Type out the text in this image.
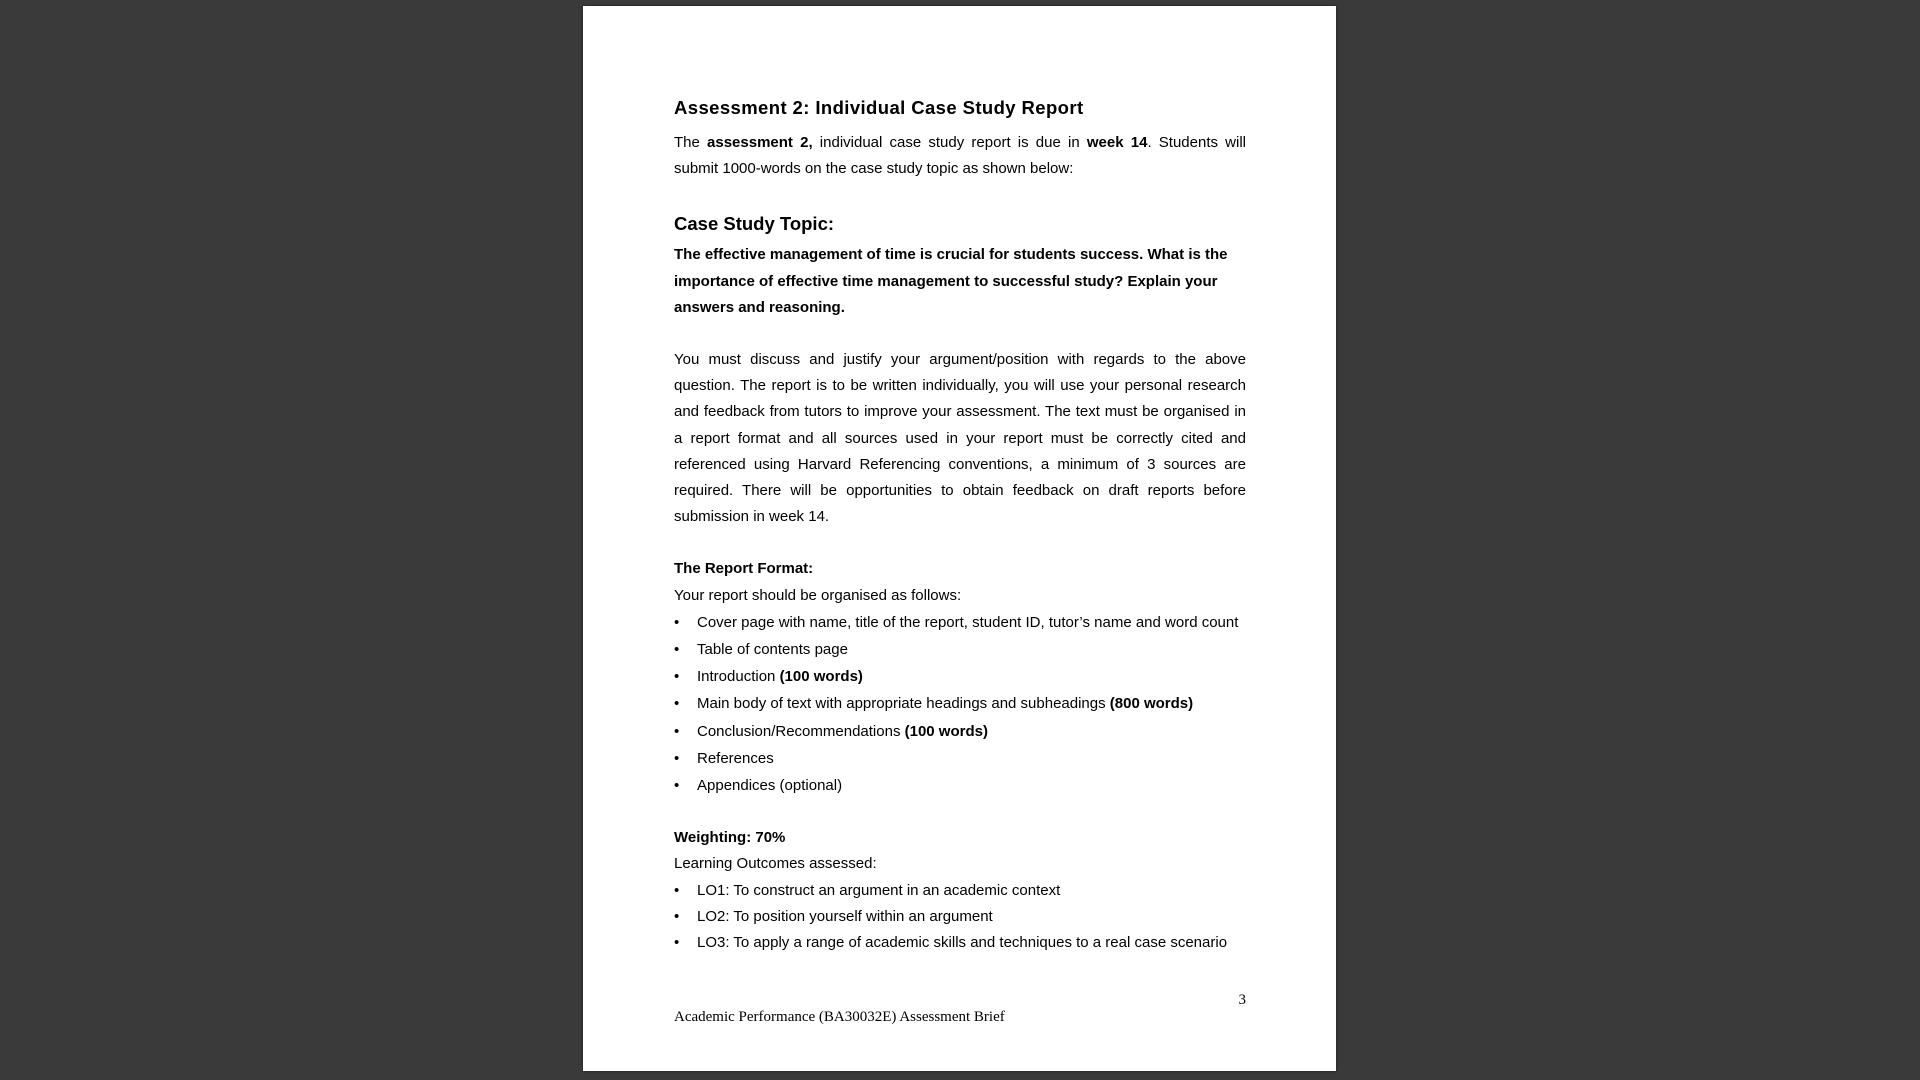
Assessment 2: Individual Case Study Report

The assessment 2, individual case study report is due in week 14. Students will submit 1000-words on the case study topic as shown below:

Case Study Topic:

The effective management of time is crucial for students success. What is the importance of effective time management to successful study? Explain your answers and reasoning.

You must discuss and justify your argument/position with regards to the above question. The report is to be written individually, you will use your personal research and feedback from tutors to improve your assessment. The text must be organised in a report format and all sources used in your report must be correctly cited and referenced using Harvard Referencing conventions, a minimum of 3 sources are required. There will be opportunities to obtain feedback on draft reports before submission in week 14.

The Report Format:

Your report should be organised as follows:

• Cover page with name, title of the report, student ID, tutor’s name and word count
• Table of contents page
• Introduction (100 words)
• Main body of text with appropriate headings and subheadings (800 words)
• Conclusion/Recommendations (100 words)
• References
• Appendices (optional)

Weighting: 70%

Learning Outcomes assessed:

• LO1: To construct an argument in an academic context
• LO2: To position yourself within an argument
• LO3: To apply a range of academic skills and techniques to a real case scenario
3
Academic Performance (BA30032E) Assessment Brief
